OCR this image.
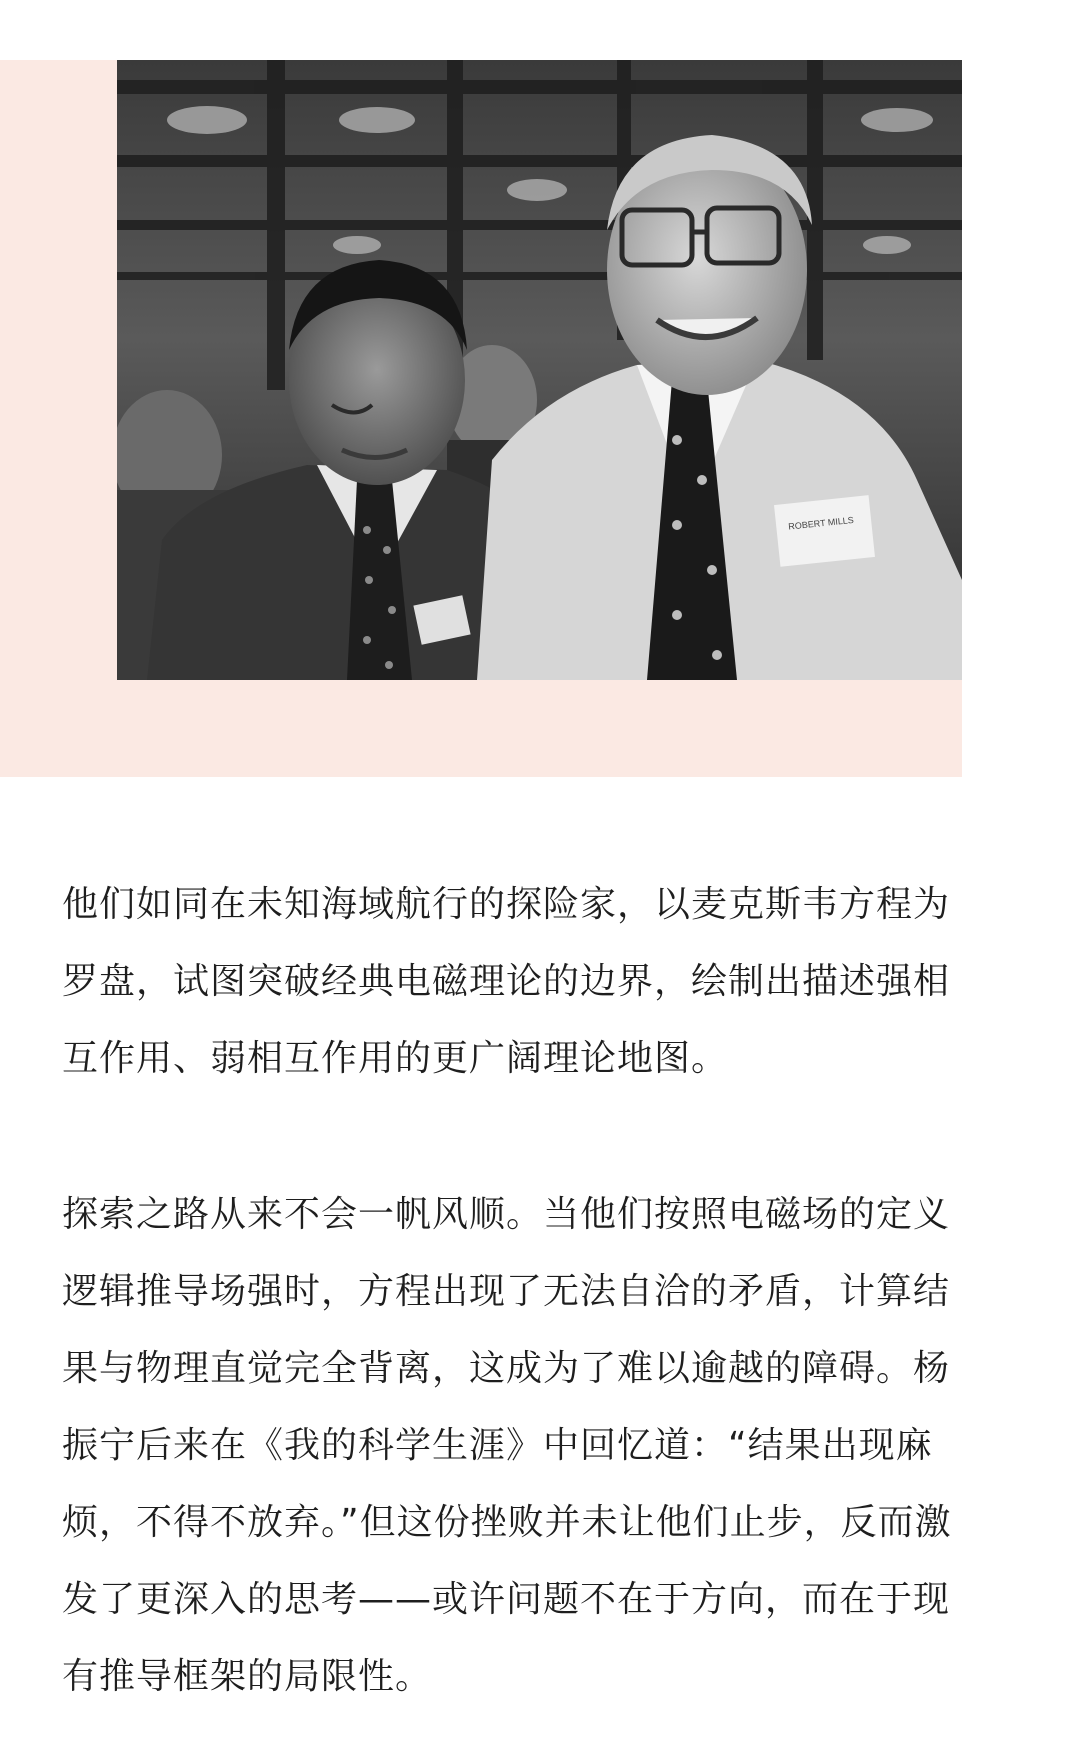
ROBERT MILLS

他们如同在未知海域航行的探险家，以麦克斯韦方程为
罗盘，试图突破经典电磁理论的边界，绘制出描述强相
互作用、弱相互作用的更广阔理论地图。

探索之路从来不会一帆风顺。当他们按照电磁场的定义
逻辑推导场强时，方程出现了无法自洽的矛盾，计算结
果与物理直觉完全背离，这成为了难以逾越的障碍。杨
振宁后来在《我的科学生涯》中回忆道：“结果出现麻
烦，不得不放弃。”但这份挫败并未让他们止步，反而激
发了更深入的思考——或许问题不在于方向，而在于现
有推导框架的局限性。
